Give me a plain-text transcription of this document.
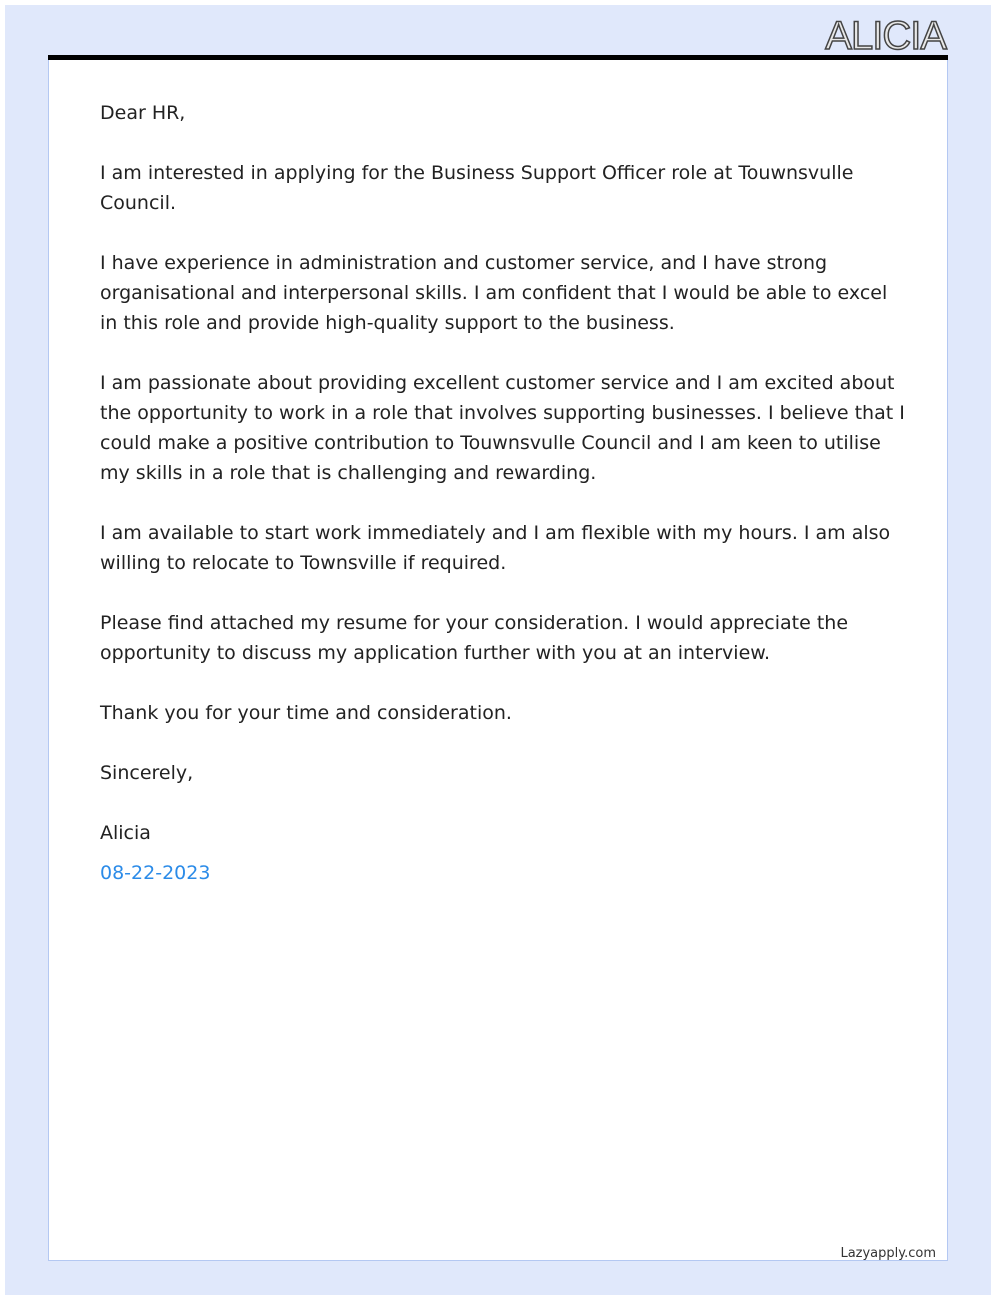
ALICIA

Dear HR,

I am interested in applying for the Business Support Officer role at Touwnsvulle Council.

I have experience in administration and customer service, and I have strong organisational and interpersonal skills. I am confident that I would be able to excel in this role and provide high-quality support to the business.

I am passionate about providing excellent customer service and I am excited about the opportunity to work in a role that involves supporting businesses. I believe that I could make a positive contribution to Touwnsvulle Council and I am keen to utilise my skills in a role that is challenging and rewarding.

I am available to start work immediately and I am flexible with my hours. I am also willing to relocate to Townsville if required.

Please find attached my resume for your consideration. I would appreciate the opportunity to discuss my application further with you at an interview.

Thank you for your time and consideration.

Sincerely,

Alicia

08-22-2023

Lazyapply.com
